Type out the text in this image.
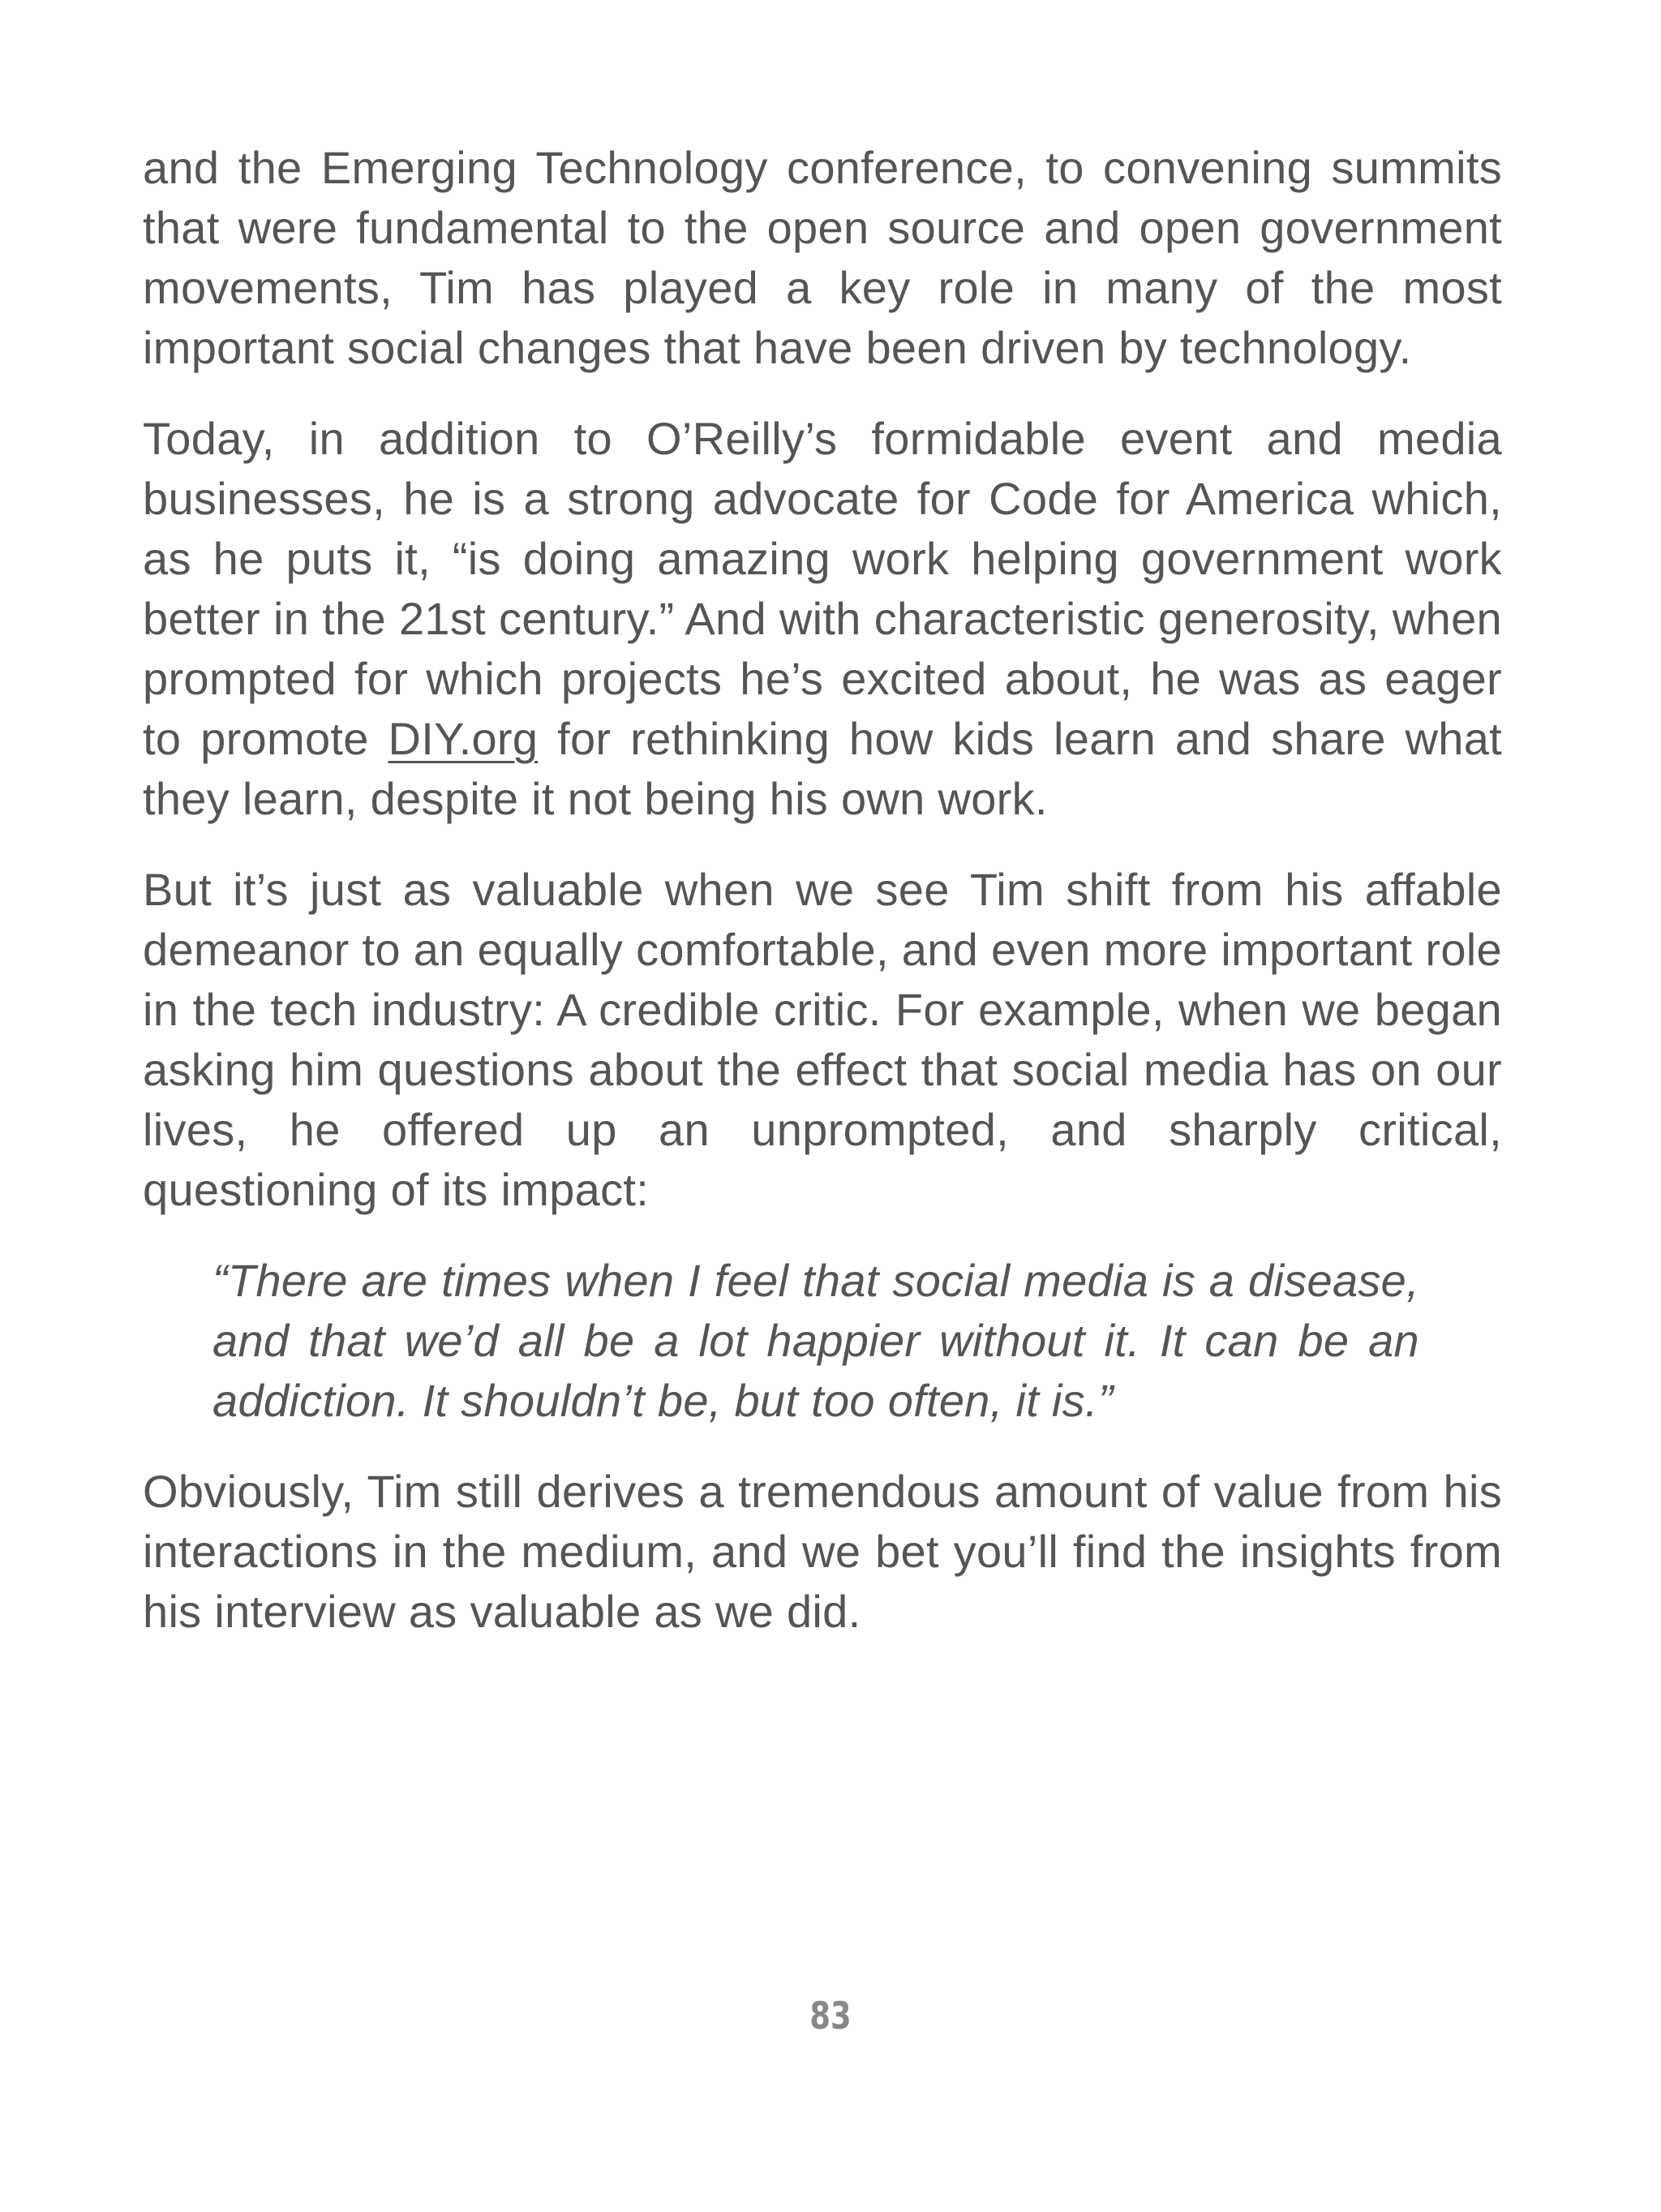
and the Emerging Technology conference, to convening summits that were fundamental to the open source and open government movements, Tim has played a key role in many of the most important social changes that have been driven by technology.

Today, in addition to O’Reilly’s formidable event and media businesses, he is a strong advocate for Code for America which, as he puts it, “is doing amazing work helping government work better in the 21st century.” And with characteristic generosity, when prompted for which projects he’s excited about, he was as eager to promote DIY.org for rethinking how kids learn and share what they learn, despite it not being his own work.

But it’s just as valuable when we see Tim shift from his affable demeanor to an equally comfortable, and even more important role in the tech industry: A credible critic. For example, when we began asking him questions about the effect that social media has on our lives, he offered up an unprompted, and sharply critical, questioning of its impact:

“There are times when I feel that social media is a disease, and that we’d all be a lot happier without it. It can be an addiction. It shouldn’t be, but too often, it is.”

Obviously, Tim still derives a tremendous amount of value from his interactions in the medium, and we bet you’ll find the insights from his interview as valuable as we did.

83
